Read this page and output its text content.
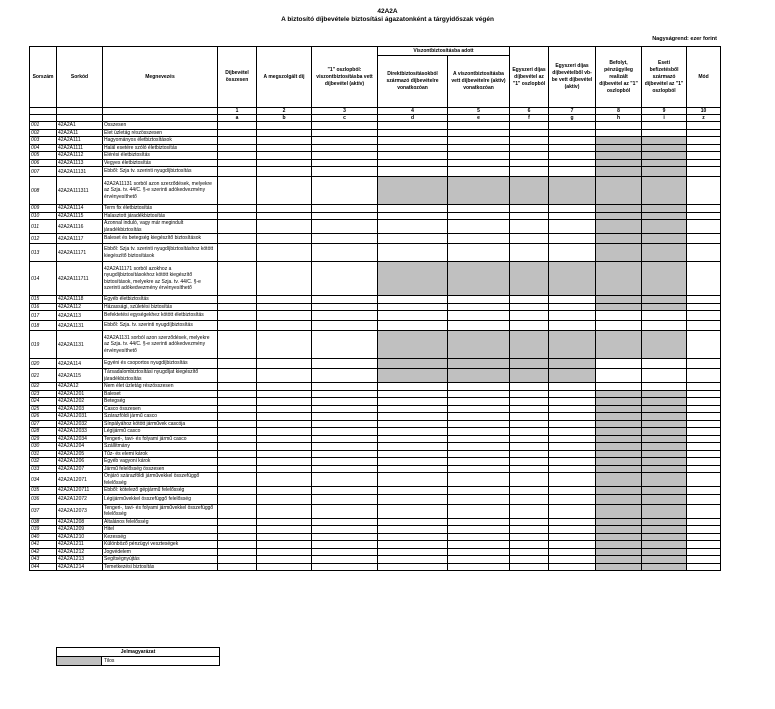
42A2A
A biztosító díjbevétele biztosítási ágazatonként a tárgyidőszak végén
Nagyságrend: ezer forint
Sorszám	Sorkód	Megnevezés	Díjbevétel összesen	A megszolgált díj	"1" oszlopból: viszontbiztosításba vett díjbevétel (aktív)	Viszontbiztosításba adott		Egyszeri díjas díjbevétel az "1" oszlopból	Egyszeri díjas díjbevételből vb-be vett díjbevétel (aktív)	Befolyt, pénzügyileg realizált díjbevétel az "1" oszlopból	Eseti befizetésből származó díjbevétel az "1" oszlopból	Mód
						Direktbiztosításokból származó díjbevételre vonatkozóan	A viszontbiztosításba vett díjbevételre (aktív) vonatkozóan					
			1	2	3	4	5	6	7	8	9	10
			a	b	c	d	e	f	g	h	i	z
001	42A2A1	Összesen										
002	42A2A11	Élet üzletág részösszesen										
003	42A2A111	Hagyományos életbiztosítások										
004	42A2A1111	Halál esetére szóló életbiztosítás										
005	42A2A1112	Elérési életbiztosítás										
006	42A2A1113	Vegyes életbiztosítás										
007	42A2A11131	Ebből: Szja tv. szerinti nyugdíjbiztosítás										
008	42A2A111311	42A2A11131 sorból azon szerződések, melyekre az Szja. tv. 44/C. §-e szerinti adókedvezmény érvényesíthető										
009	42A2A1114	Term fix életbiztosítás										
010	42A2A1115	Halasztott járadékbiztosítás										
011	42A2A1116	Azonnal induló, vagy már megindult járadékbiztosítás										
012	42A2A1117	Baleset és betegség kiegészítő biztosítások										
013	42A2A11171	Ebből: Szja tv. szerinti nyugdíjbiztosításhoz kötött kiegészítő biztosítások										
014	42A2A111711	42A2A11171 sorból azokhoz a nyugdíjbiztosításokhoz kötött kiegészítő biztosítások, melyekre az Szja. tv. 44/C. §-e szerinti adókedvezmény érvényesíthető										
015	42A2A1118	Egyéb életbiztosítás										
016	42A2A112	Házassági, születési biztosítás										
017	42A2A113	Befektetési egységekhez kötött életbiztosítás										
018	42A2A1131	Ebből: Szja. tv. szerinti nyugdíjbiztosítás										
019	42A2A1131	42A2A1131 sorból azon szerződések, melyekre az Szja. tv. 44/C. §-e szerinti adókedvezmény érvényesíthető										
020	42A2A114	Egyéni és csoportos nyugdíjbiztosítás										
021	42A2A115	Társadalombiztosítási nyugdíjat kiegészítő járadékbiztosítás										
022	42A2A12	Nem élet üzletág részösszesen										
023	42A2A1201	Baleset										
024	42A2A1202	Betegség										
025	42A2A1203	Casco összesen										
026	42A2A12031	Szárazföldi jármű casco										
027	42A2A12032	Sínpályához kötött járművek cascója										
028	42A2A12033	Légijármű casco										
029	42A2A12034	Tengeri-, tavi- és folyami jármű casco										
030	42A2A1204	Szállítmány										
031	42A2A1205	Tűz- és elemi károk										
032	42A2A1206	Egyéb vagyoni károk										
033	42A2A1207	Jármű felelősség összesen										
034	42A2A12071	Önjáró szárazföldi járművekkel összefüggő felelősség										
035	42A2A120711	Ebből: kötelező gépjármű felelősség										
036	42A2A12072	Légijárművekkel összefüggő felelősség										
037	42A2A12073	Tengeri-, tavi- és folyami járművekkel összefüggő felelősség										
038	42A2A1208	Általános felelősség										
039	42A2A1209	Hitel										
040	42A2A1210	Kezesség										
041	42A2A1211	Különböző pénzügyi veszteségek										
042	42A2A1212	Jogvédelem										
043	42A2A1213	Segítségnyújtás										
044	42A2A1214	Temetkezési biztosítás										
Jelmagyarázat
	Tilos
